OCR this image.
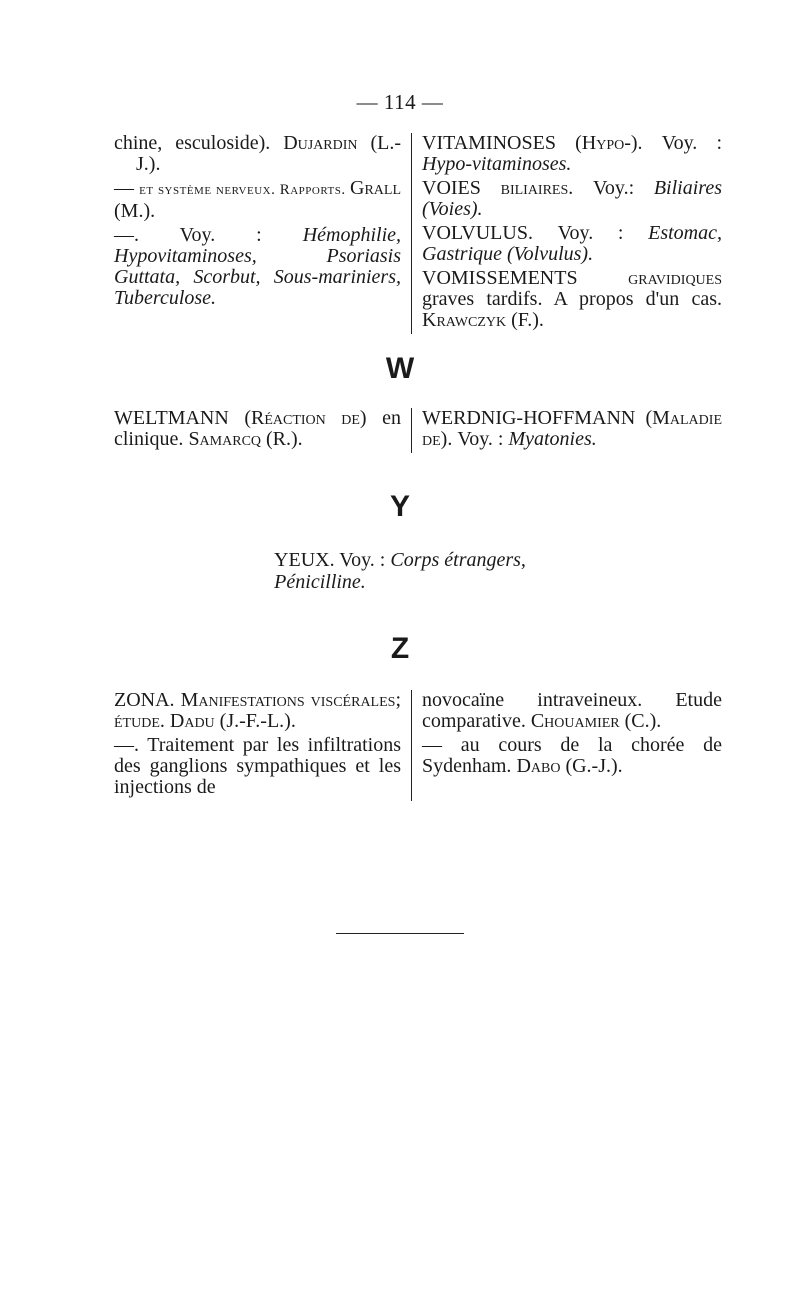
— 114 —

chine, esculoside). Dujardin (L.-J.).

— et système nerveux. Rapports. Grall (M.).

—. Voy. : Hémophilie, Hypovitaminoses, Psoriasis Guttata, Scorbut, Sous-mariniers, Tuberculose.

VITAMINOSES (Hypo-). Voy. : Hypo-vitaminoses.

VOIES biliaires. Voy.: Biliaires (Voies).

VOLVULUS. Voy. : Estomac, Gastrique (Volvulus).

VOMISSEMENTS gravidiques graves tardifs. A propos d'un cas. Krawczyk (F.).

W

WELTMANN (Réaction de) en clinique. Samarcq (R.).

WERDNIG-HOFFMANN (Maladie de). Voy. : Myatonies.

Y
YEUX. Voy. : Corps étrangers,
Pénicilline.
Z

ZONA. Manifestations viscérales; étude. Dadu (J.-F.-L.).

—. Traitement par les infiltrations des ganglions sympathiques et les injections de

novocaïne intraveineux. Etude comparative. Chouamier (C.).

— au cours de la chorée de Sydenham. Dabo (G.-J.).
